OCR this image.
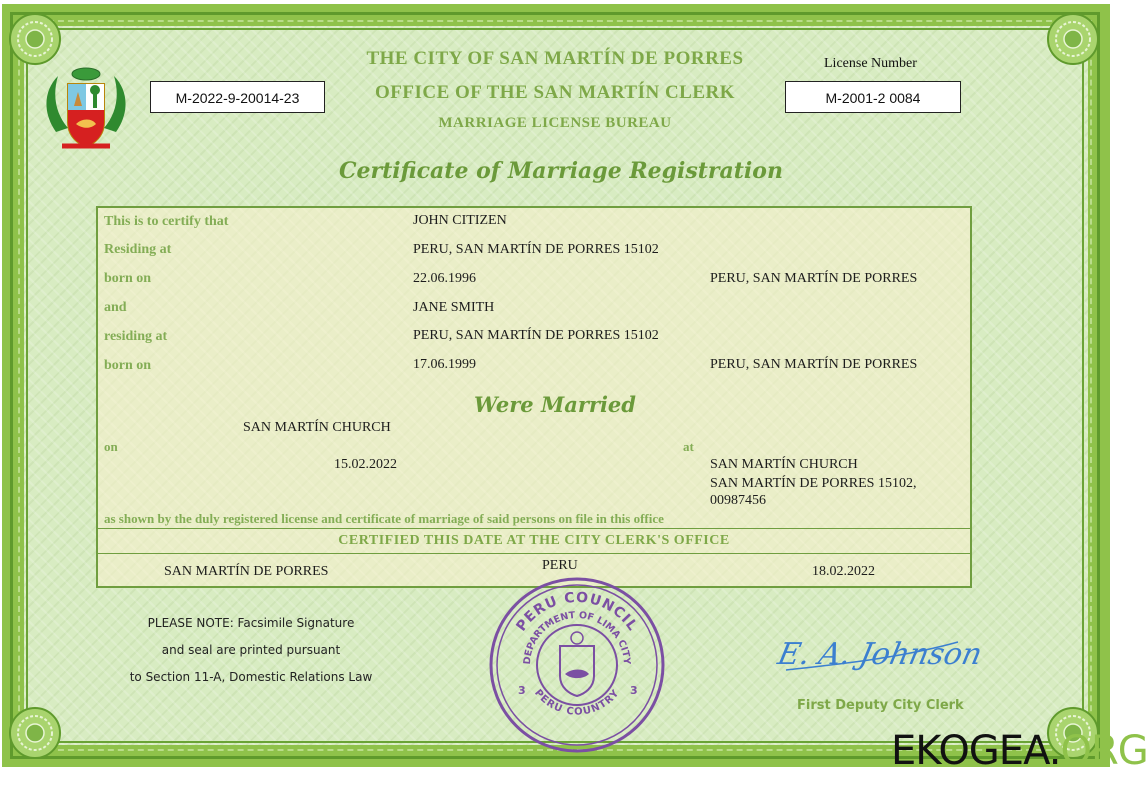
M-2022-9-20014-23
License Number
M-2001-2 0084
THE CITY OF SAN MARTÍN DE PORRES
OFFICE OF THE SAN MARTÍN CLERK
MARRIAGE LICENSE BUREAU
Certificate of Marriage Registration
This is to certify that	JOHN CITIZEN
Residing at	PERU, SAN MARTÍN DE PORRES 15102
born on	22.06.1996	PERU, SAN MARTÍN DE PORRES
and	JANE SMITH
residing at	PERU, SAN MARTÍN DE PORRES 15102
born on	17.06.1999	PERU, SAN MARTÍN DE PORRES
Were Married
SAN MARTÍN CHURCH
on
15.02.2022
at
SAN MARTÍN CHURCH
SAN MARTÍN DE PORRES 15102,
00987456
as shown by the duly registered license and certificate of marriage of said persons on file in this office
CERTIFIED THIS DATE AT THE CITY CLERK'S OFFICE
SAN MARTÍN DE PORRES	PERU	18.02.2022
PLEASE NOTE: Facsimile Signature
and seal are printed pursuant
to Section 11-A, Domestic Relations Law
PERU COUNCIL
DEPARTMENT OF LIMA CITY
PERU COUNTRY
3	3
E. A. Johnson
First Deputy City Clerk
EKOGEA.ORG
